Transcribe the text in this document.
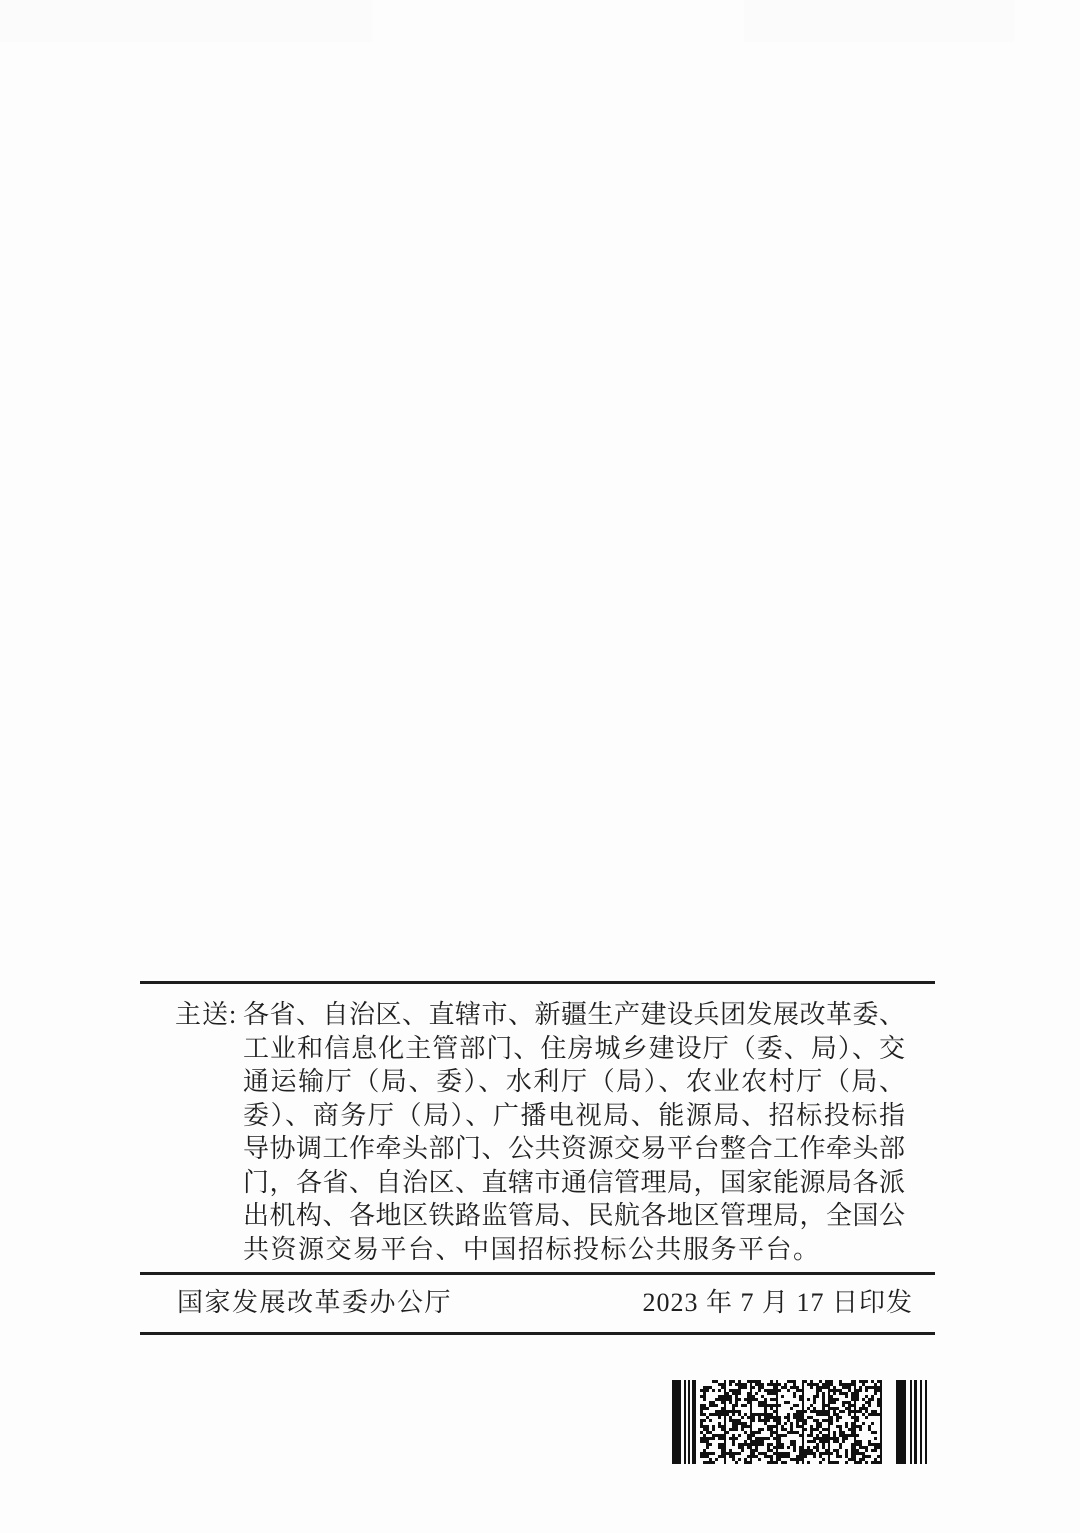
主送: 各省、自治区、直辖市、新疆生产建设兵团发展改革委、
工业和信息化主管部门、住房城乡建设厅（委、局）、交
通运输厅（局、委）、水利厅（局）、农业农村厅（局、
委）、商务厅（局）、广播电视局、能源局、招标投标指
导协调工作牵头部门、公共资源交易平台整合工作牵头部
门，各省、自治区、直辖市通信管理局，国家能源局各派
出机构、各地区铁路监管局、民航各地区管理局，全国公
共资源交易平台、中国招标投标公共服务平台。
国家发展改革委办公厅	2023 年 7 月 17 日印发
